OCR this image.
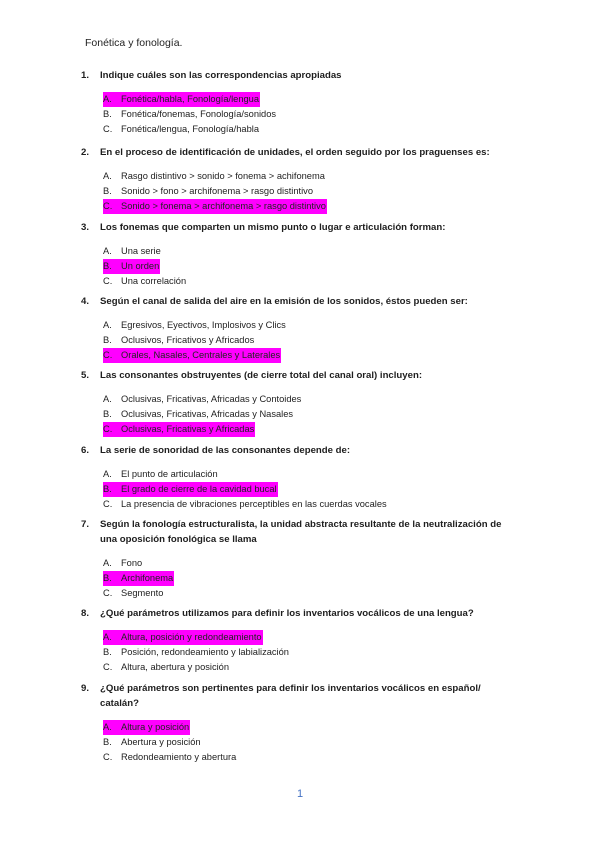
Fonética y fonología.
1.	Indique cuáles son las correspondencias apropiadas
A. Fonética/habla, Fonología/lengua
B. Fonética/fonemas, Fonología/sonidos
C. Fonética/lengua, Fonología/habla
2.	En el proceso de identificación de unidades, el orden seguido por los praguenses es:
A. Rasgo distintivo > sonido > fonema > achifonema
B. Sonido > fono > archifonema > rasgo distintivo
C. Sonido > fonema > archifonema > rasgo distintivo
3.	Los fonemas que comparten un mismo punto o lugar e articulación forman:
A. Una serie
B. Un orden
C. Una correlación
4.	Según el canal de salida del aire en la emisión de los sonidos, éstos pueden ser:
A. Egresivos, Eyectivos, Implosivos y Clics
B. Oclusivos, Fricativos y Africados
C. Orales, Nasales, Centrales y Laterales
5.	Las consonantes obstruyentes (de cierre total del canal oral) incluyen:
A. Oclusivas, Fricativas, Africadas y Contoides
B. Oclusivas, Fricativas, Africadas y Nasales
C. Oclusivas, Fricativas y Africadas
6.	La serie de sonoridad de las consonantes depende de:
A. El punto de articulación
B. El grado de cierre de la cavidad bucal
C. La presencia de vibraciones perceptibles en las cuerdas vocales
7.	Según la fonología estructuralista, la unidad abstracta resultante de la neutralización de una oposición fonológica se llama
A. Fono
B. Archifonema
C. Segmento
8.	¿Qué parámetros utilizamos para definir los inventarios vocálicos de una lengua?
A. Altura, posición y redondeamiento
B. Posición, redondeamiento y labialización
C. Altura, abertura y posición
9.	¿Qué parámetros son pertinentes para definir los inventarios vocálicos en español/ catalán?
A. Altura y posición
B. Abertura y posición
C. Redondeamiento y abertura
1
